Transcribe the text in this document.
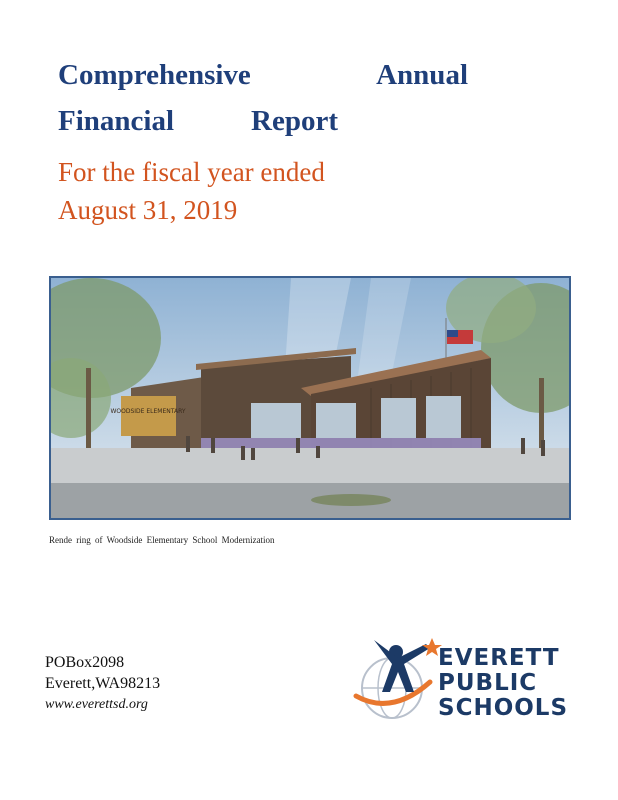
Comprehensive	Annual
Financial	Report
For the fiscal year ended
August 31, 2019
WOODSIDE ELEMENTARY
Rende ring of Woodside Elementary School Modernization
POBox2098
Everett,WA98213
www.everettsd.org
EVERETT
PUBLIC
SCHOOLS
